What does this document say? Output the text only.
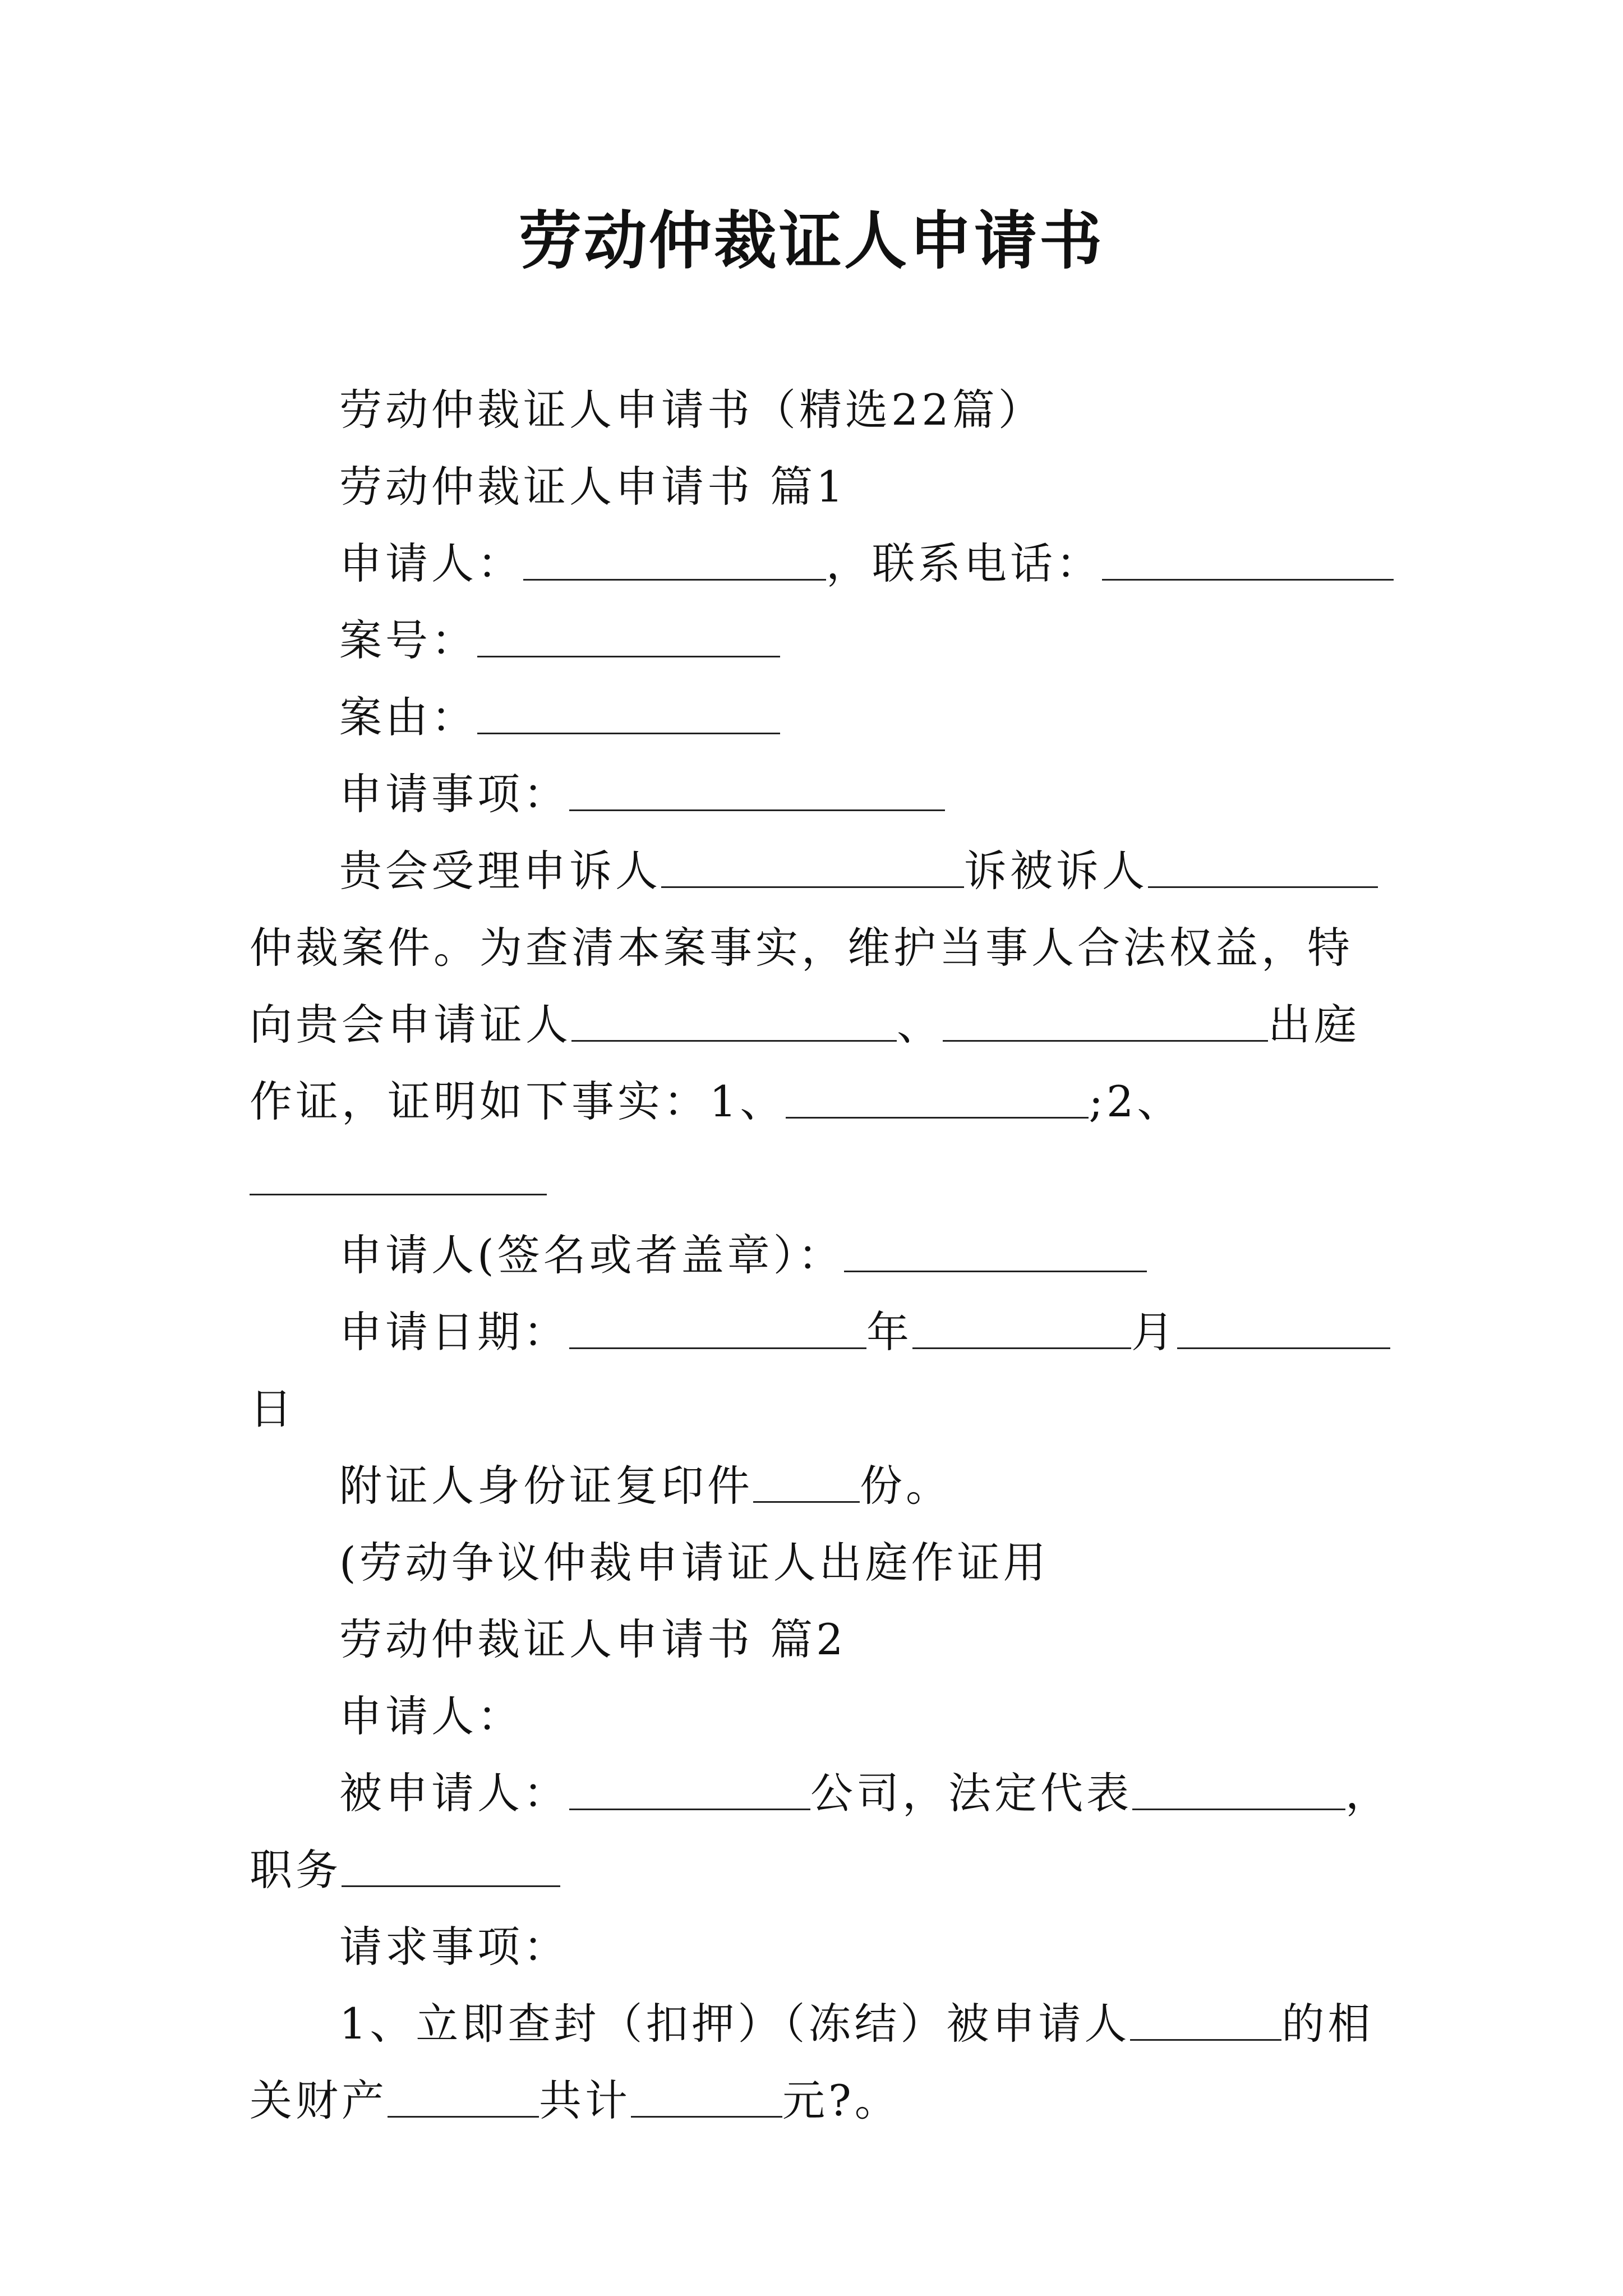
劳动仲裁证人申请书

劳动仲裁证人申请书（精选22篇）

劳动仲裁证人申请书 篇1

申请人：	，联系电话：

案号：

案由：

申请事项：

贵会受理申诉人	诉被诉人仲裁案件。为查清本案事实，维护当事人合法权益，特向贵会申请证人	、	出庭作证，证明如下事实：1、	;2、

申请人(签名或者盖章）：

申请日期：	年	月日

附证人身份证复印件	份。

(劳动争议仲裁申请证人出庭作证用

劳动仲裁证人申请书 篇2

申请人：

被申请人：	公司，法定代表	，职务

请求事项：

1、立即查封（扣押）（冻结）被申请人	的相关财产	共计	元?。
